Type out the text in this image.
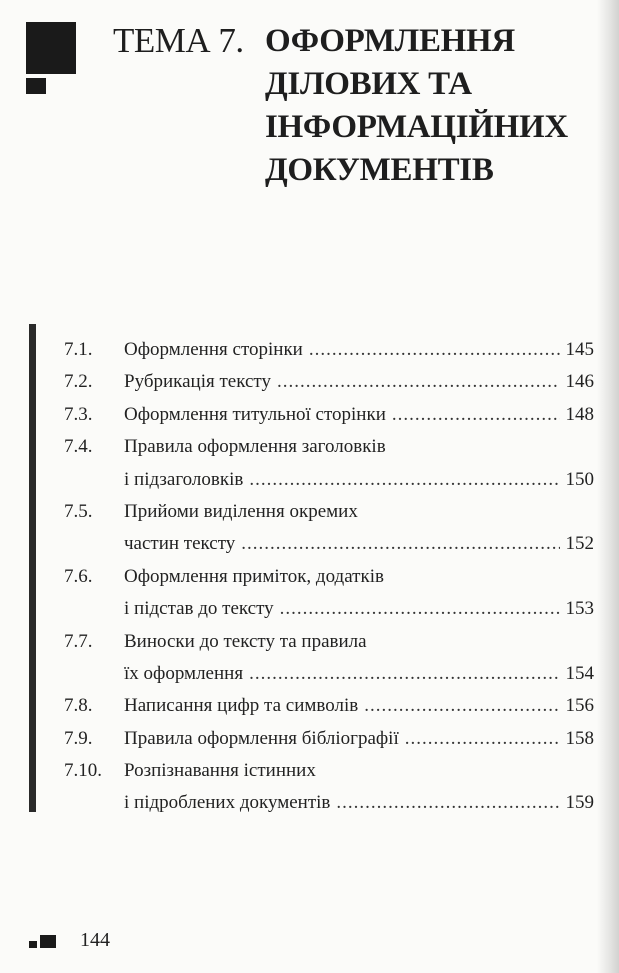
ТЕМА 7. ОФОРМЛЕННЯ
ДІЛОВИХ ТА
ІНФОРМАЦІЙНИХ
ДОКУМЕНТІВ
7.1.	Оформлення сторінки .....	145
7.2.	Рубрикація тексту .....	146
7.3.	Оформлення титульної сторінки .....	148
7.4.	Правила оформлення заголовків
і підзаголовків .....	150
7.5.	Прийоми виділення окремих
частин тексту .....	152
7.6.	Оформлення приміток, додатків
і підстав до тексту .....	153
7.7.	Виноски до тексту та правила
їх оформлення .....	154
7.8.	Написання цифр та символів .....	156
7.9.	Правила оформлення бібліографії .....	158
7.10.	Розпізнавання істинних
і підроблених документів .....	159
144
